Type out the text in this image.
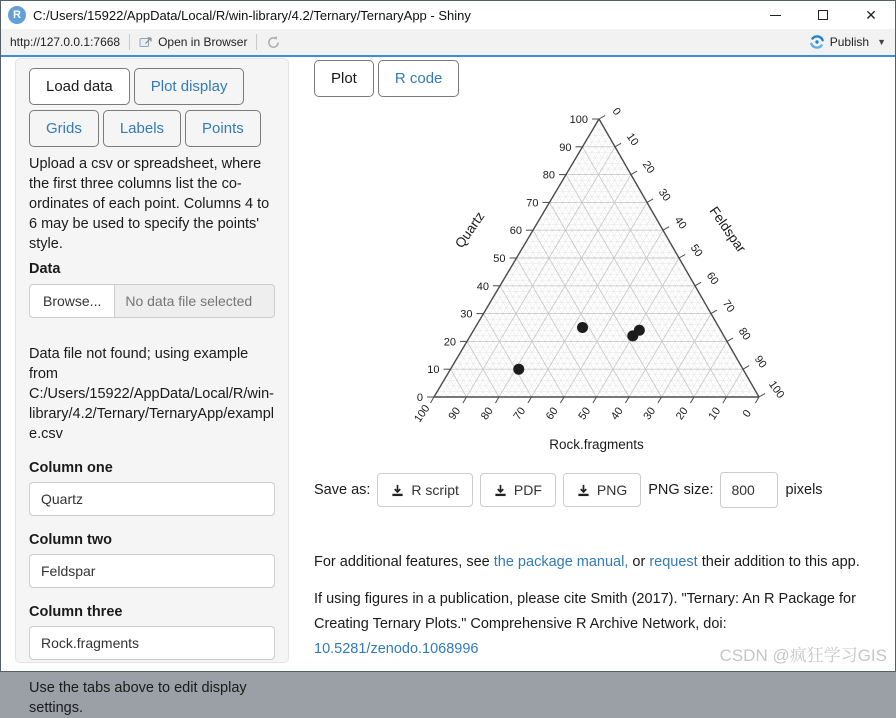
R C:/Users/15922/AppData/Local/R/win-library/4.2/Ternary/TernaryApp - Shiny	✕
http://127.0.0.1:7668	Open in Browser	Publish ▼
Load data	Plot display
Grids	Labels	Points

Upload a csv or spreadsheet, where the first three columns list the co-ordinates of each point. Columns 4 to 6 may be used to specify the points' style.

Data
Browse...
No data file selected

Data file not found; using example from C:/Users/15922/AppData/Local/R/win-library/4.2/Ternary/TernaryApp/example.csv

Column one
Quartz
Column two
Feldspar
Column three
Rock.fragments

Use the tabs above to edit display settings.

Plot	R code
100
90
80
70
60
50
40
30
20
10
0
0
10
20
30
40
50
60
70
80
90
100
100 90 80 70 60 50 40 30 20 10 0
Quartz	Feldspar
Rock.fragments
Save as:	R script	PDF	PNG PNG size:
800	pixels

For additional features, see the package manual, or request their addition to this app.

If using figures in a publication, please cite Smith (2017). "Ternary: An R Package for Creating Ternary Plots." Comprehensive R Archive Network, doi: 10.5281/zenodo.1068996	CSDN @疯狂学习GIS
